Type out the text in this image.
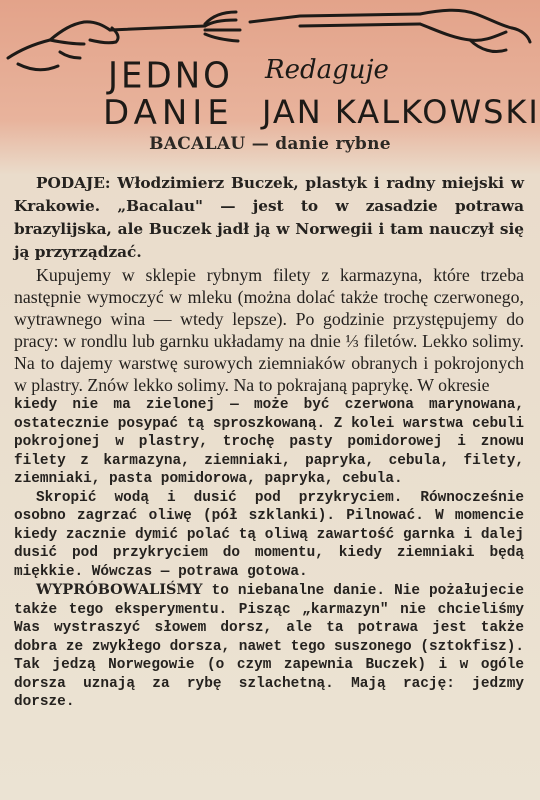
JEDNO Redaguje
DANIE JAN KALKOWSKI
BACALAU — danie rybne

PODAJE: Włodzimierz Buczek, plastyk i radny miejski w Krakowie. „Bacalau" — jest to w zasadzie potrawa brazylijska, ale Buczek jadł ją w Norwegii i tam nauczył się ją przyrządzać.

Kupujemy w sklepie rybnym filety z karmazyna, które trzeba następnie wymoczyć w mleku (można dolać także trochę czerwonego, wytrawnego wina — wtedy lepsze). Po godzinie przystępujemy do pracy: w rondlu lub garnku układamy na dnie ⅓ filetów. Lekko solimy. Na to dajemy warstwę surowych ziemniaków obranych i pokrojonych w plastry. Znów lekko solimy. Na to pokrajaną paprykę. W okresie

kiedy nie ma zielonej — może być czerwona marynowana, ostatecznie posypać tą sproszkowaną. Z kolei warstwa cebuli pokrojonej w plastry, trochę pasty pomidorowej i znowu filety z karmazyna, ziemniaki, papryka, cebula, filety, ziemniaki, pasta pomidorowa, papryka, cebula.

Skropić wodą i dusić pod przykryciem. Równocześnie osobno zagrzać oliwę (pół szklanki). Pilnować. W momencie kiedy zacznie dymić polać tą oliwą zawartość garnka i dalej dusić pod przykryciem do momentu, kiedy ziemniaki będą miękkie. Wówczas — potrawa gotowa.

WYPRÓBOWALIŚMY to niebanalne danie. Nie pożałujecie także tego eksperymentu. Pisząc „karmazyn" nie chcieliśmy Was wystraszyć słowem dorsz, ale ta potrawa jest także dobra ze zwykłego dorsza, nawet tego suszonego (sztokfisz). Tak jedzą Norwegowie (o czym zapewnia Buczek) i w ogóle dorsza uznają za rybę szlachetną. Mają rację: jedzmy dorsze.
